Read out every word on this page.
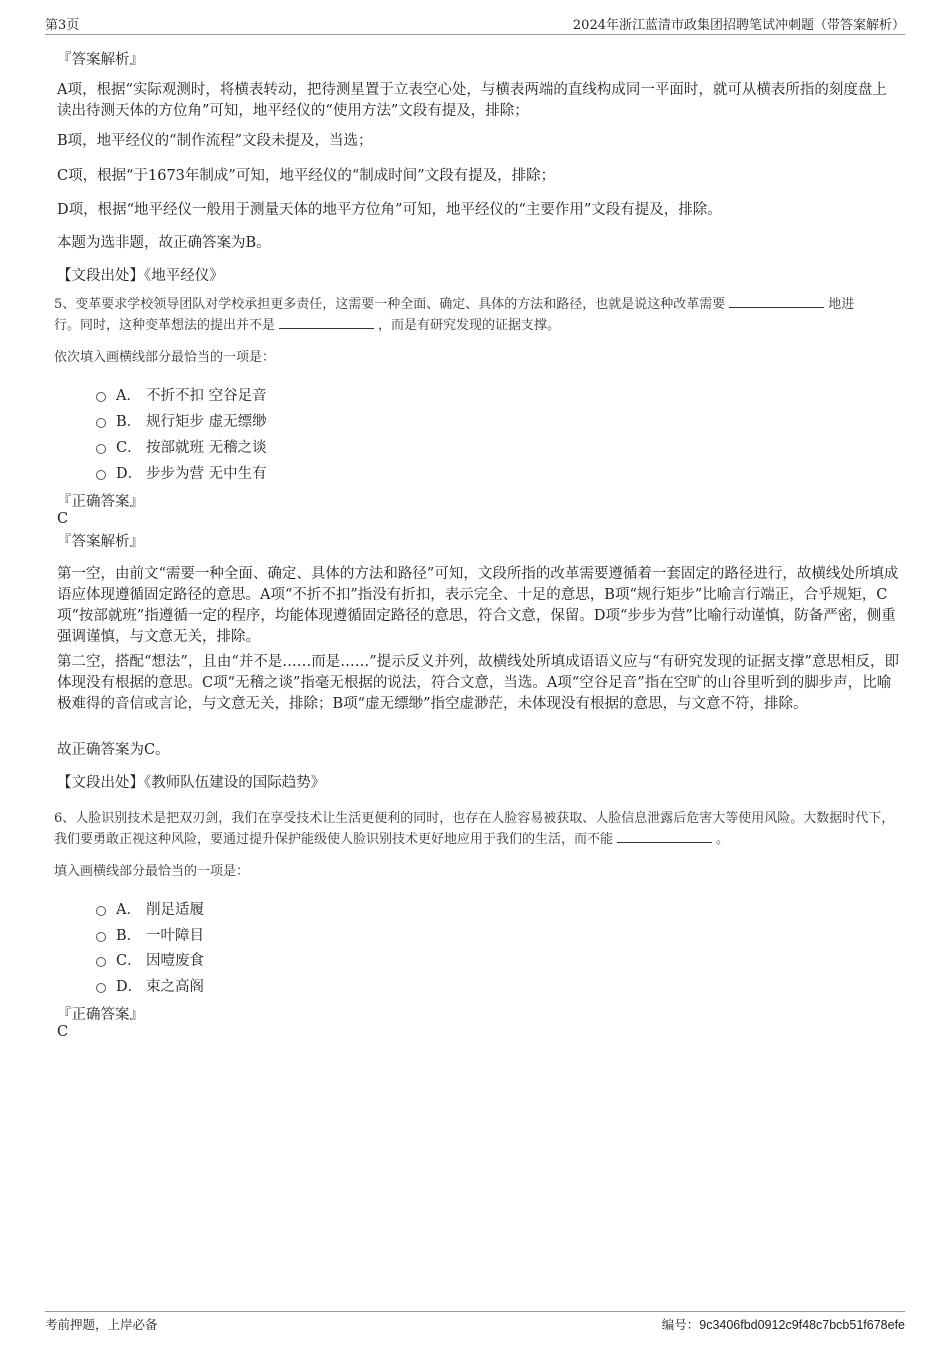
第3页	2024年浙江蓝清市政集团招聘笔试冲刺题（带答案解析）
『答案解析』

A项，根据“实际观测时，将横表转动，把待测星置于立表空心处，与横表两端的直线构成同一平面时，就可从横表所指的刻度盘上读出待测天体的方位角”可知，地平经仪的“使用方法”文段有提及，排除；

B项，地平经仪的“制作流程”文段未提及，当选；

C项，根据“于1673年制成”可知，地平经仪的“制成时间”文段有提及，排除；

D项，根据“地平经仪一般用于测量天体的地平方位角”可知，地平经仪的“主要作用”文段有提及，排除。

本题为选非题，故正确答案为B。

【文段出处】《地平经仪》

5、变革要求学校领导团队对学校承担更多责任，这需要一种全面、确定、具体的方法和路径，也就是说这种改革需要	地进
行。同时，这种变革想法的提出并不是	，而是有研究发现的证据支撑。
依次填入画横线部分最恰当的一项是：
A． 不折不扣 空谷足音
B． 规行矩步 虚无缥缈
C． 按部就班 无稽之谈
D． 步步为营 无中生有
『正确答案』
C
『答案解析』

第一空，由前文“需要一种全面、确定、具体的方法和路径”可知，文段所指的改革需要遵循着一套固定的路径进行，故横线处所填成语应体现遵循固定路径的意思。A项“不折不扣”指没有折扣，表示完全、十足的意思，B项“规行矩步”比喻言行端正，合乎规矩，C项“按部就班”指遵循一定的程序，均能体现遵循固定路径的意思，符合文意，保留。D项“步步为营”比喻行动谨慎，防备严密，侧重强调谨慎，与文意无关，排除。

第二空，搭配“想法”，且由“并不是……而是……”提示反义并列，故横线处所填成语语义应与“有研究发现的证据支撑”意思相反，即体现没有根据的意思。C项“无稽之谈”指毫无根据的说法，符合文意，当选。A项“空谷足音”指在空旷的山谷里听到的脚步声，比喻极难得的音信或言论，与文意无关，排除；B项“虚无缥缈”指空虚渺茫，未体现没有根据的意思，与文意不符，排除。

故正确答案为C。

【文段出处】《教师队伍建设的国际趋势》

6、人脸识别技术是把双刃剑，我们在享受技术让生活更便利的同时，也存在人脸容易被获取、人脸信息泄露后危害大等使用风险。大数据时代下，我们要勇敢正视这种风险，要通过提升保护能级使人脸识别技术更好地应用于我们的生活，而不能	。
填入画横线部分最恰当的一项是：
A． 削足适履
B． 一叶障目
C． 因噎废食
D． 束之高阁
『正确答案』
C
考前押题，上岸必备	编号：9c3406fbd0912c9f48c7bcb51f678efe
